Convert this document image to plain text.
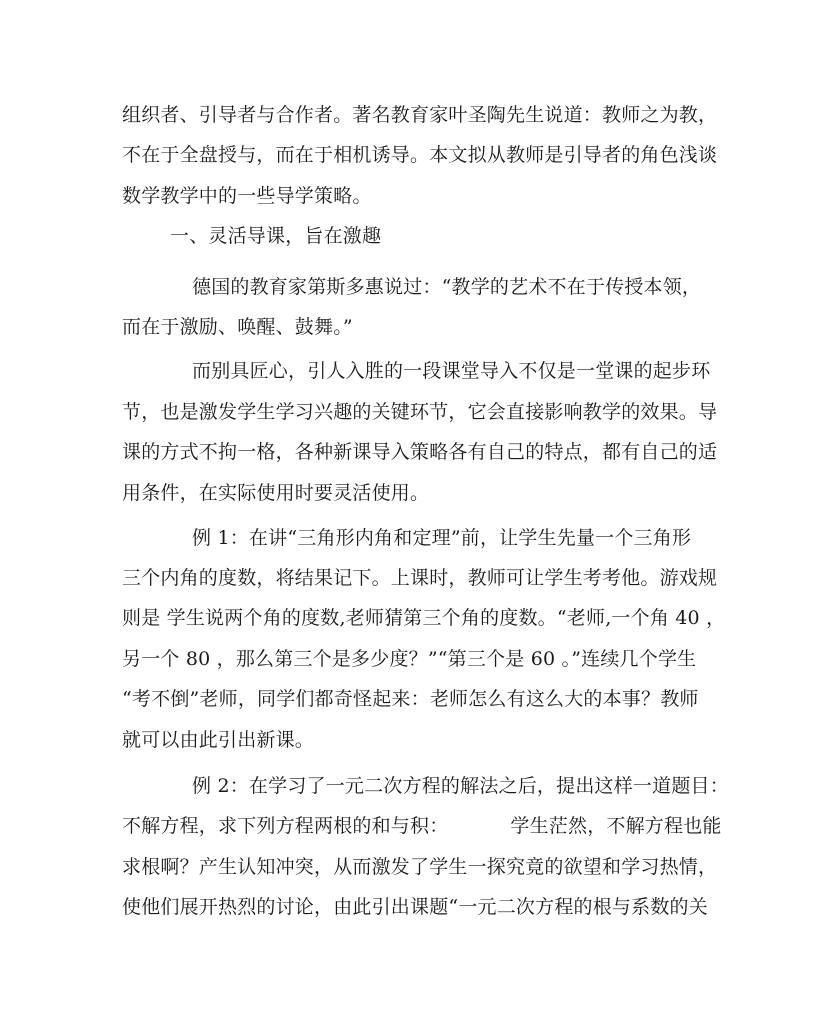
组织者、引导者与合作者。著名教育家叶圣陶先生说道：教师之为教，
不在于全盘授与，而在于相机诱导。本文拟从教师是引导者的角色浅谈
数学教学中的一些导学策略。
一、灵活导课，旨在激趣
德国的教育家第斯多惠说过：“教学的艺术不在于传授本领，
而在于激励、唤醒、鼓舞。”
而别具匠心，引人入胜的一段课堂导入不仅是一堂课的起步环
节，也是激发学生学习兴趣的关键环节，它会直接影响教学的效果。导
课的方式不拘一格，各种新课导入策略各有自己的特点，都有自己的适
用条件，在实际使用时要灵活使用。
例 1：在讲“三角形内角和定理”前，让学生先量一个三角形
三个内角的度数，将结果记下。上课时，教师可让学生考考他。游戏规
则是 学生说两个角的度数,老师猜第三个角的度数。“老师,一个角 40 ，
另一个 80 ，那么第三个是多少度？”“第三个是 60 。”连续几个学生
“考不倒”老师，同学们都奇怪起来：老师怎么有这么大的本事？教师
就可以由此引出新课。
例 2：在学习了一元二次方程的解法之后，提出这样一道题目：
不解方程，求下列方程两根的和与积：	学生茫然，不解方程也能
求根啊？产生认知冲突，从而激发了学生一探究竟的欲望和学习热情，
使他们展开热烈的讨论，由此引出课题“一元二次方程的根与系数的关
